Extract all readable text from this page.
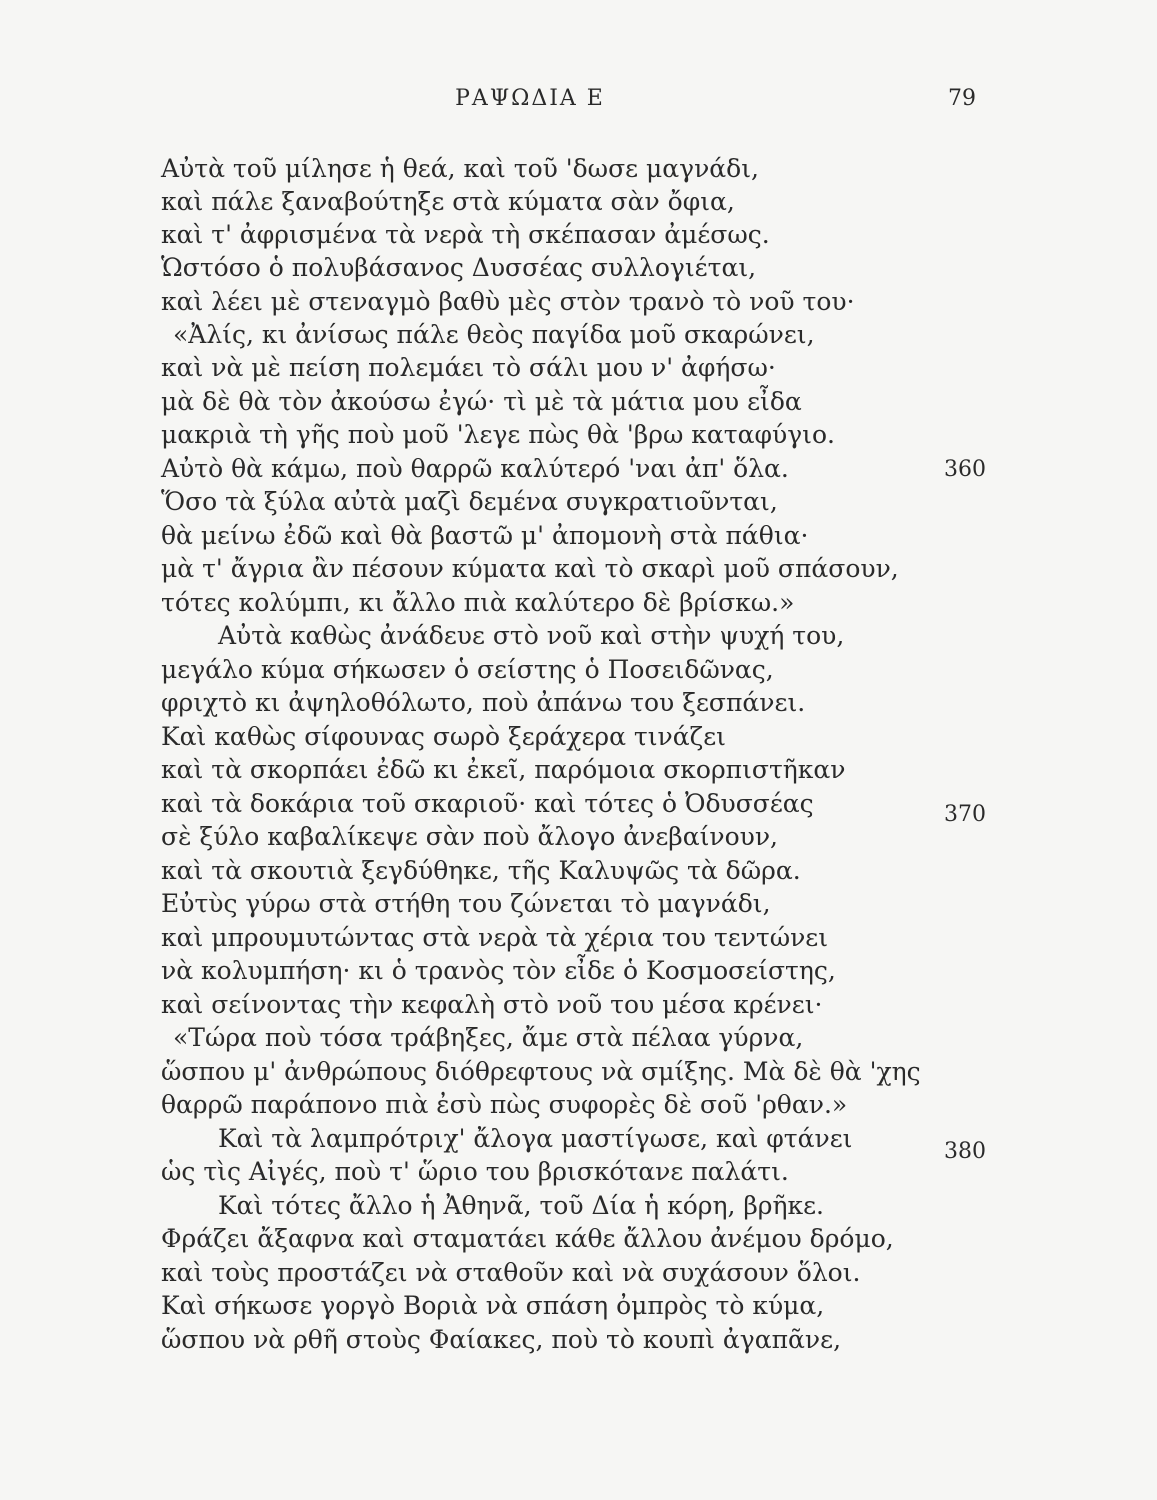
ΡΑΨΩΔΙΑ Ε	79
Αὐτὰ τοῦ μίλησε ἡ θεά, καὶ τοῦ 'δωσε μαγνάδι,
καὶ πάλε ξαναβούτηξε στὰ κύματα σὰν ὄφια,
καὶ τ' ἀφρισμένα τὰ νερὰ τὴ σκέπασαν ἀμέσως.
Ὡστόσο ὁ πολυβάσανος Δυσσέας συλλογιέται,
καὶ λέει μὲ στεναγμὸ βαθὺ μὲς στὸν τρανὸ τὸ νοῦ του·
«Ἀλίς, κι ἀνίσως πάλε θεὸς παγίδα μοῦ σκαρώνει,
καὶ νὰ μὲ πείση πολεμάει τὸ σάλι μου ν' ἀφήσω·
μὰ δὲ θὰ τὸν ἀκούσω ἐγώ· τὶ μὲ τὰ μάτια μου εἶδα
μακριὰ τὴ γῆς ποὺ μοῦ 'λεγε πὼς θὰ 'βρω καταφύγιο.
Αὐτὸ θὰ κάμω, ποὺ θαρρῶ καλύτερό 'ναι ἀπ' ὅλα.
Ὅσο τὰ ξύλα αὐτὰ μαζὶ δεμένα συγκρατιοῦνται,
θὰ μείνω ἐδῶ καὶ θὰ βαστῶ μ' ἀπομονὴ στὰ πάθια·
μὰ τ' ἄγρια ἂν πέσουν κύματα καὶ τὸ σκαρὶ μοῦ σπάσουν,
τότες κολύμπι, κι ἄλλο πιὰ καλύτερο δὲ βρίσκω.»
Αὐτὰ καθὼς ἀνάδευε στὸ νοῦ καὶ στὴν ψυχή του,
μεγάλο κύμα σήκωσεν ὁ σείστης ὁ Ποσειδῶνας,
φριχτὸ κι ἀψηλοθόλωτο, ποὺ ἀπάνω του ξεσπάνει.
Καὶ καθὼς σίφουνας σωρὸ ξεράχερα τινάζει
καὶ τὰ σκορπάει ἐδῶ κι ἐκεῖ, παρόμοια σκορπιστῆκαν
καὶ τὰ δοκάρια τοῦ σκαριοῦ· καὶ τότες ὁ Ὀδυσσέας
σὲ ξύλο καβαλίκεψε σὰν ποὺ ἄλογο ἀνεβαίνουν,
καὶ τὰ σκουτιὰ ξεγδύθηκε, τῆς Καλυψῶς τὰ δῶρα.
Εὐτὺς γύρω στὰ στήθη του ζώνεται τὸ μαγνάδι,
καὶ μπρουμυτώντας στὰ νερὰ τὰ χέρια του τεντώνει
νὰ κολυμπήση· κι ὁ τρανὸς τὸν εἶδε ὁ Κοσμοσείστης,
καὶ σείνοντας τὴν κεφαλὴ στὸ νοῦ του μέσα κρένει·
«Τώρα ποὺ τόσα τράβηξες, ἄμε στὰ πέλαα γύρνα,
ὥσπου μ' ἀνθρώπους διόθρεφτους νὰ σμίξης. Μὰ δὲ θὰ 'χης
θαρρῶ παράπονο πιὰ ἐσὺ πὼς συφορὲς δὲ σοῦ 'ρθαν.»
Καὶ τὰ λαμπρότριχ' ἄλογα μαστίγωσε, καὶ φτάνει
ὡς τὶς Αἰγές, ποὺ τ' ὥριο του βρισκότανε παλάτι.
Καὶ τότες ἄλλο ἡ Ἀθηνᾶ, τοῦ Δία ἡ κόρη, βρῆκε.
Φράζει ἄξαφνα καὶ σταματάει κάθε ἄλλου ἀνέμου δρόμο,
καὶ τοὺς προστάζει νὰ σταθοῦν καὶ νὰ συχάσουν ὅλοι.
Καὶ σήκωσε γοργὸ Βοριὰ νὰ σπάση ὀμπρὸς τὸ κύμα,
ὥσπου νὰ ρθῆ στοὺς Φαίακες, ποὺ τὸ κουπὶ ἀγαπᾶνε,
360
370
380
